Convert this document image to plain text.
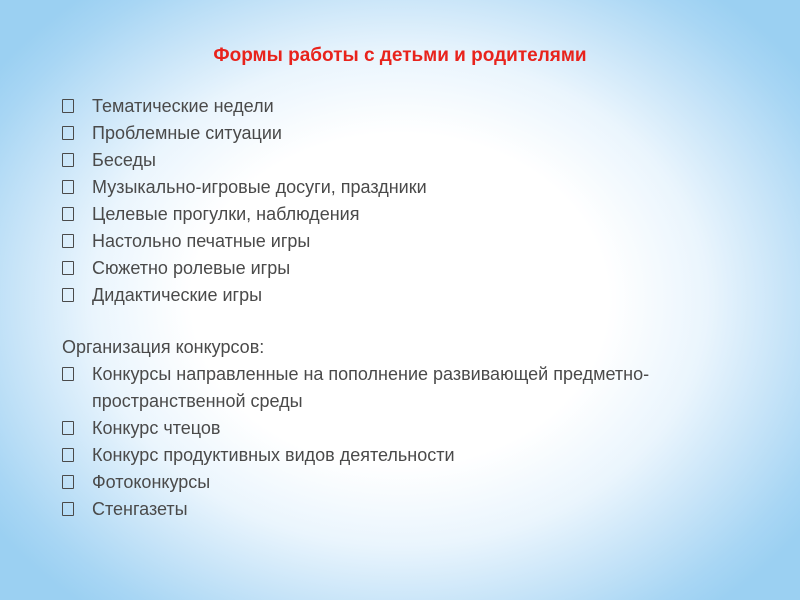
Формы работы с детьми и родителями
Тематические недели
Проблемные ситуации
Беседы
Музыкально-игровые досуги, праздники
Целевые прогулки, наблюдения
Настольно печатные игры
Сюжетно ролевые игры
Дидактические игры
Организация конкурсов:
Конкурсы направленные на пополнение развивающей предметно-пространственной среды
Конкурс чтецов
Конкурс продуктивных видов деятельности
Фотоконкурсы
Стенгазеты
